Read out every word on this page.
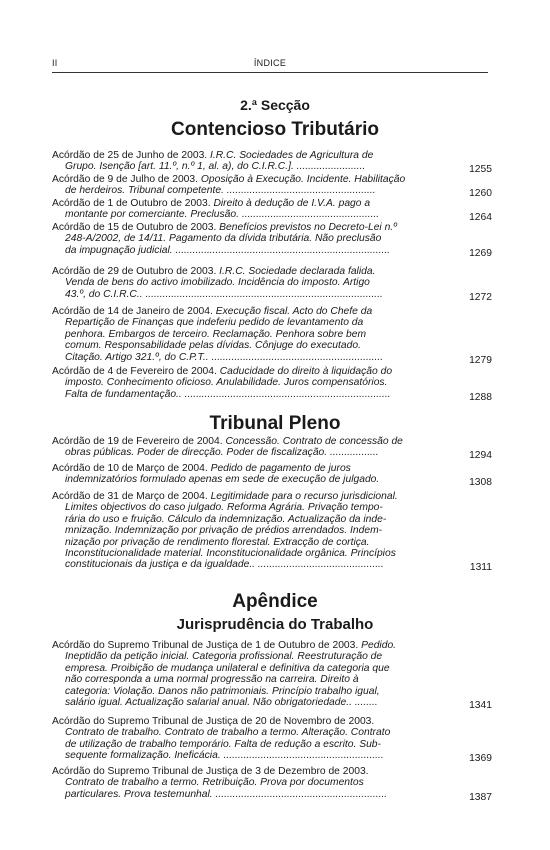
II	ÍNDICE
2.ª Secção
Contencioso Tributário
Tribunal Pleno
Apêndice
Jurisprudência do Trabalho
Acórdão de 25 de Junho de 2003. I.R.C. Sociedades de Agricultura de
Grupo. Isenção [art. 11.º, n.º 1, al. a), do C.I.R.C.]. ........................	1255
Acórdão de 9 de Julho de 2003. Oposição à Execução. Incidente. Habilitação
de herdeiros. Tribunal competente. ....................................................	1260
Acórdão de 1 de Outubro de 2003. Direito à dedução de I.V.A. pago a
montante por comerciante. Preclusão. ................................................	1264
Acórdão de 15 de Outubro de 2003. Benefícios previstos no Decreto-Lei n.º
248-A/2002, de 14/11. Pagamento da dívida tributária. Não preclusão
da impugnação judicial. ...........................................................................	1269
Acórdão de 29 de Outubro de 2003. I.R.C. Sociedade declarada falida.
Venda de bens do activo imobilizado. Incidência do imposto. Artigo
43.º, do C.I.R.C.. ...................................................................................	1272
Acórdão de 14 de Janeiro de 2004. Execução fiscal. Acto do Chefe da
Repartição de Finanças que indeferiu pedido de levantamento da
penhora. Embargos de terceiro. Reclamação. Penhora sobre bem
comum. Responsabilidade pelas dívidas. Cônjuge do executado.
Citação. Artigo 321.º, do C.P.T.. ............................................................	1279
Acórdão de 4 de Fevereiro de 2004. Caducidade do direito à liquidação do
imposto. Conhecimento oficioso. Anulabilidade. Juros compensatórios.
Falta de fundamentação.. ........................................................................	1288
Acórdão de 19 de Fevereiro de 2004. Concessão. Contrato de concessão de
obras públicas. Poder de direcção. Poder de fiscalização. .................	1294
Acórdão de 10 de Março de 2004. Pedido de pagamento de juros
indemnizatórios formulado apenas em sede de execução de julgado.	1308
Acórdão de 31 de Março de 2004. Legitimidade para o recurso jurisdicional.
Limites objectivos do caso julgado. Reforma Agrária. Privação tempo-
rária do uso e fruição. Cálculo da indemnização. Actualização da inde-
mnização. Indemnização por privação de prédios arrendados. Indem-
nização por privação de rendimento florestal. Extracção de cortiça.
Inconstitucionalidade material. Inconstitucionalidade orgânica. Princípios
constitucionais da justiça e da igualdade.. ............................................	1311
Acórdão do Supremo Tribunal de Justiça de 1 de Outubro de 2003. Pedido.
Ineptidão da petição inicial. Categoria profissional. Reestruturação de
empresa. Proibição de mudança unilateral e definitiva da categoria que
não corresponda a uma normal progressão na carreira. Direito à
categoria: Violação. Danos não patrimoniais. Princípio trabalho igual,
salário igual. Actualização salarial anual. Não obrigatoriedade.. ........	1341
Acórdão do Supremo Tribunal de Justiça de 20 de Novembro de 2003.
Contrato de trabalho. Contrato de trabalho a termo. Alteração. Contrato
de utilização de trabalho temporário. Falta de redução a escrito. Sub-
sequente formalização. Ineficácia. ........................................................	1369
Acórdão do Supremo Tribunal de Justiça de 3 de Dezembro de 2003.
Contrato de trabalho a termo. Retribuição. Prova por documentos
particulares. Prova testemunhal. ............................................................	1387
